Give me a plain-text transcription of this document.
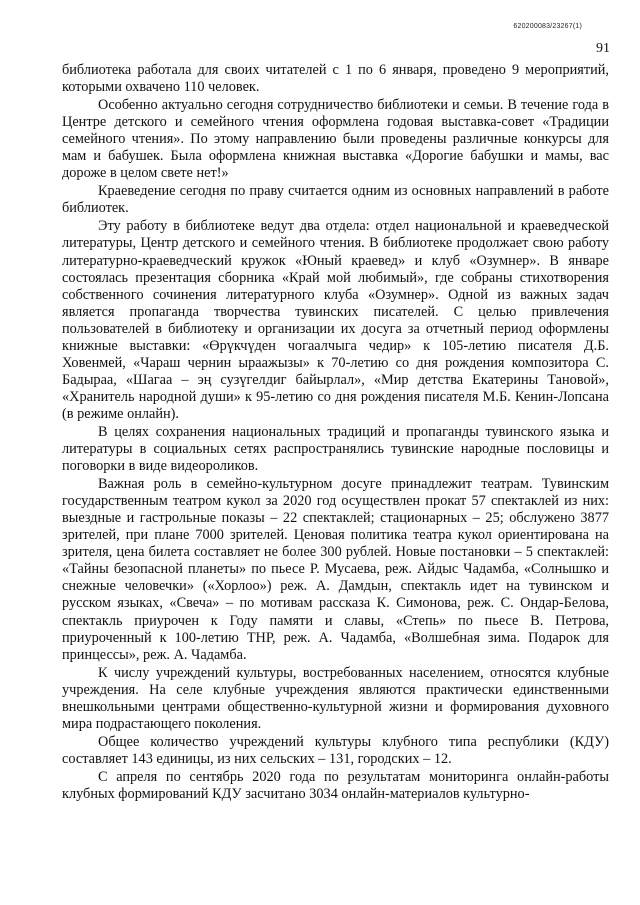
620200083/23267(1)
91

библиотека работала для своих читателей с 1 по 6 января, проведено 9 мероприятий, которыми охвачено 110 человек.

Особенно актуально сегодня сотрудничество библиотеки и семьи. В течение года в Центре детского и семейного чтения оформлена годовая выставка-совет «Традиции семейного чтения». По этому направлению были проведены различные конкурсы для мам и бабушек. Была оформлена книжная выставка «Дорогие бабушки и мамы, вас дороже в целом свете нет!»

Краеведение сегодня по праву считается одним из основных направлений в работе библиотек.

Эту работу в библиотеке ведут два отдела: отдел национальной и краеведческой литературы, Центр детского и семейного чтения. В библиотеке продолжает свою работу литературно-краеведческий кружок «Юный краевед» и клуб «Озумнер». В январе состоялась презентация сборника «Край мой любимый», где собраны стихотворения собственного сочинения литературного клуба «Озумнер». Одной из важных задач является пропаганда творчества тувинских писателей. С целью привлечения пользователей в библиотеку и организации их досуга за отчетный период оформлены книжные выставки: «Өрүкчүден чогаалчыга чедир» к 105-летию писателя Д.Б. Ховенмей, «Чараш чернин ыраажызы» к 70-летию со дня рождения композитора С. Бадыраа, «Шагаа – эң сузүгелдиг байырлал», «Мир детства Екатерины Тановой», «Хранитель народной души» к 95-летию со дня рождения писателя М.Б. Кенин-Лопсана (в режиме онлайн).

В целях сохранения национальных традиций и пропаганды тувинского языка и литературы в социальных сетях распространялись тувинские народные пословицы и поговорки в виде видеороликов.

Важная роль в семейно-культурном досуге принадлежит театрам. Тувинским государственным театром кукол за 2020 год осуществлен прокат 57 спектаклей из них: выездные и гастрольные показы – 22 спектаклей; стационарных – 25; обслужено 3877 зрителей, при плане 7000 зрителей. Ценовая политика театра кукол ориентирована на зрителя, цена билета составляет не более 300 рублей. Новые постановки – 5 спектаклей: «Тайны безопасной планеты» по пьесе Р. Мусаева, реж. Айдыс Чадамба, «Солнышко и снежные человечки» («Хорлоо») реж. А. Дамдын, спектакль идет на тувинском и русском языках, «Свеча» – по мотивам рассказа К. Симонова, реж. С. Ондар-Белова, спектакль приурочен к Году памяти и славы, «Степь» по пьесе В. Петрова, приуроченный к 100-летию ТНР, реж. А. Чадамба, «Волшебная зима. Подарок для принцессы», реж. А. Чадамба.

К числу учреждений культуры, востребованных населением, относятся клубные учреждения. На селе клубные учреждения являются практически единственными внешкольными центрами общественно-культурной жизни и формирования духовного мира подрастающего поколения.

Общее количество учреждений культуры клубного типа республики (КДУ) составляет 143 единицы, из них сельских – 131, городских – 12.

С апреля по сентябрь 2020 года по результатам мониторинга онлайн-работы клубных формирований КДУ засчитано 3034 онлайн-материалов культурно-
